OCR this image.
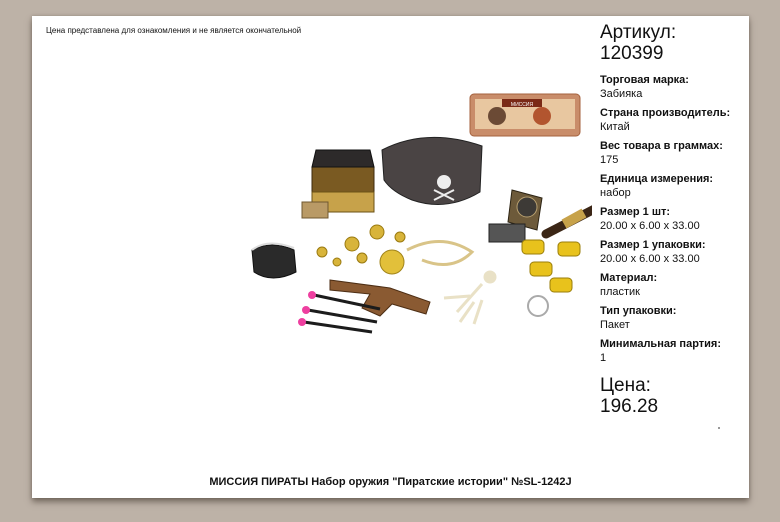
Цена представлена для ознакомления и не является окончательной
МИССИЯ
Артикул:
120399
Торговая марка:
Забияка
Страна производитель:
Китай
Вес товара в граммах:
175
Единица измерения:
набор
Размер 1 шт:
20.00 x 6.00 x 33.00
Размер 1 упаковки:
20.00 x 6.00 x 33.00
Материал:
пластик
Тип упаковки:
Пакет
Минимальная партия:
1
Цена:
196.28
МИССИЯ ПИРАТЫ Набор оружия "Пиратские истории" №SL-1242J
